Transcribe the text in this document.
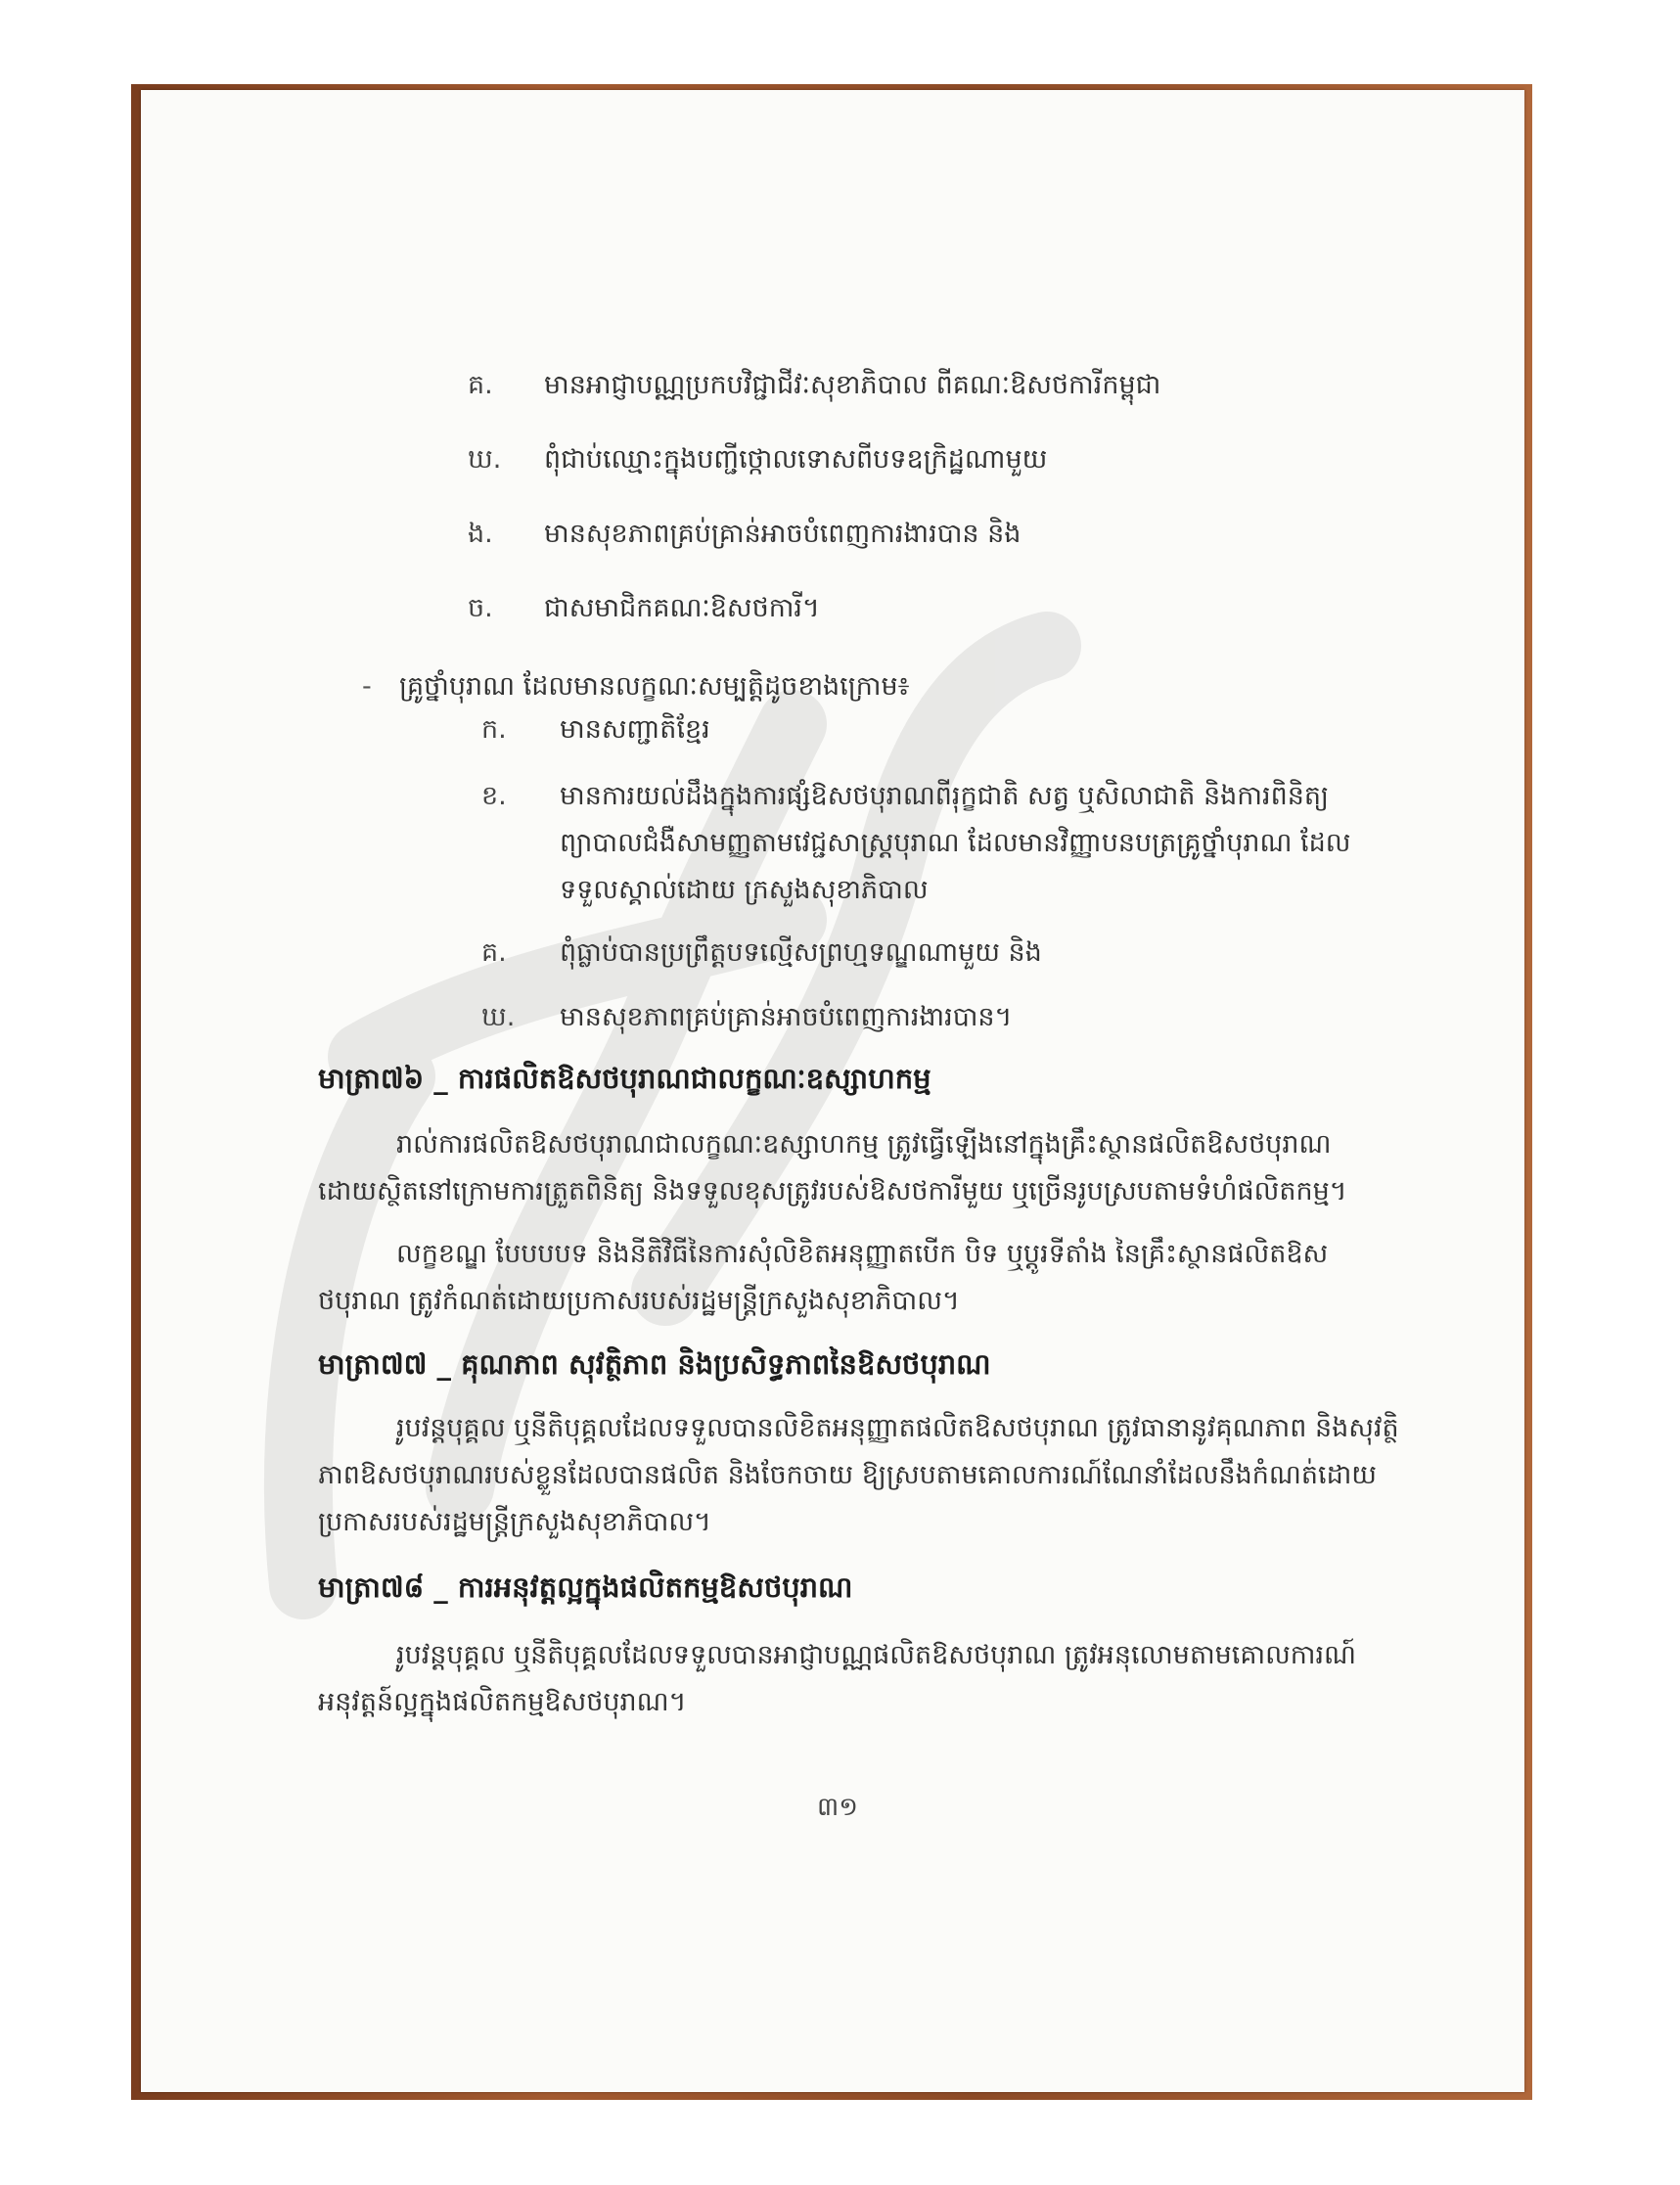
គ. មានអាជ្ញាបណ្ណប្រកបវិជ្ជាជីវៈសុខាភិបាល ពីគណៈឱសថការីកម្ពុជា
ឃ. ពុំជាប់ឈ្មោះក្នុងបញ្ជីថ្កោលទោសពីបទឧក្រិដ្ឋណាមួយ
ង. មានសុខភាពគ្រប់គ្រាន់អាចបំពេញការងារបាន និង
ច. ជាសមាជិកគណៈឱសថការី។
- គ្រូថ្នាំបុរាណ ដែលមានលក្ខណៈសម្បត្តិដូចខាងក្រោម៖
ក. មានសញ្ជាតិខ្មែរ
ខ. មានការយល់ដឹងក្នុងការផ្សំឱសថបុរាណពីរុក្ខជាតិ សត្វ ឬសិលាជាតិ និងការពិនិត្យ
ព្យាបាលជំងឺសាមញ្ញតាមវេជ្ជសាស្ត្របុរាណ ដែលមានវិញ្ញាបនបត្រគ្រូថ្នាំបុរាណ ដែល
ទទួលស្គាល់ដោយ ក្រសួងសុខាភិបាល
គ. ពុំធ្លាប់បានប្រព្រឹត្តបទល្មើសព្រហ្មទណ្ឌណាមួយ និង
ឃ. មានសុខភាពគ្រប់គ្រាន់អាចបំពេញការងារបាន។
មាត្រា៧៦ _ ការផលិតឱសថបុរាណជាលក្ខណៈឧស្សាហកម្ម
រាល់ការផលិតឱសថបុរាណជាលក្ខណៈឧស្សាហកម្ម ត្រូវធ្វើឡើងនៅក្នុងគ្រឹះស្ថានផលិតឱសថបុរាណ
ដោយស្ថិតនៅក្រោមការត្រួតពិនិត្យ និងទទួលខុសត្រូវរបស់ឱសថការីមួយ ឬច្រើនរូបស្របតាមទំហំផលិតកម្ម។
លក្ខខណ្ឌ បែបបបទ និងនីតិវិធីនៃការសុំលិខិតអនុញ្ញាតបើក បិទ ឬប្តូរទីតាំង នៃគ្រឹះស្ថានផលិតឱស
ថបុរាណ ត្រូវកំណត់ដោយប្រកាសរបស់រដ្ឋមន្ត្រីក្រសួងសុខាភិបាល។
មាត្រា៧៧ _ គុណភាព សុវត្ថិភាព និងប្រសិទ្ធភាពនៃឱសថបុរាណ
រូបវន្តបុគ្គល ឬនីតិបុគ្គលដែលទទួលបានលិខិតអនុញ្ញាតផលិតឱសថបុរាណ ត្រូវធានានូវគុណភាព និងសុវត្ថិ
ភាពឱសថបុរាណរបស់ខ្លួនដែលបានផលិត និងចែកចាយ ឱ្យស្របតាមគោលការណ៍ណែនាំដែលនឹងកំណត់ដោយ
ប្រកាសរបស់រដ្ឋមន្ត្រីក្រសួងសុខាភិបាល។
មាត្រា៧៨ _ ការអនុវត្តល្អក្នុងផលិតកម្មឱសថបុរាណ
រូបវន្តបុគ្គល ឬនីតិបុគ្គលដែលទទួលបានអាជ្ញាបណ្ណផលិតឱសថបុរាណ ត្រូវអនុលោមតាមគោលការណ៍
អនុវត្តន៍ល្អក្នុងផលិតកម្មឱសថបុរាណ។
៣១
